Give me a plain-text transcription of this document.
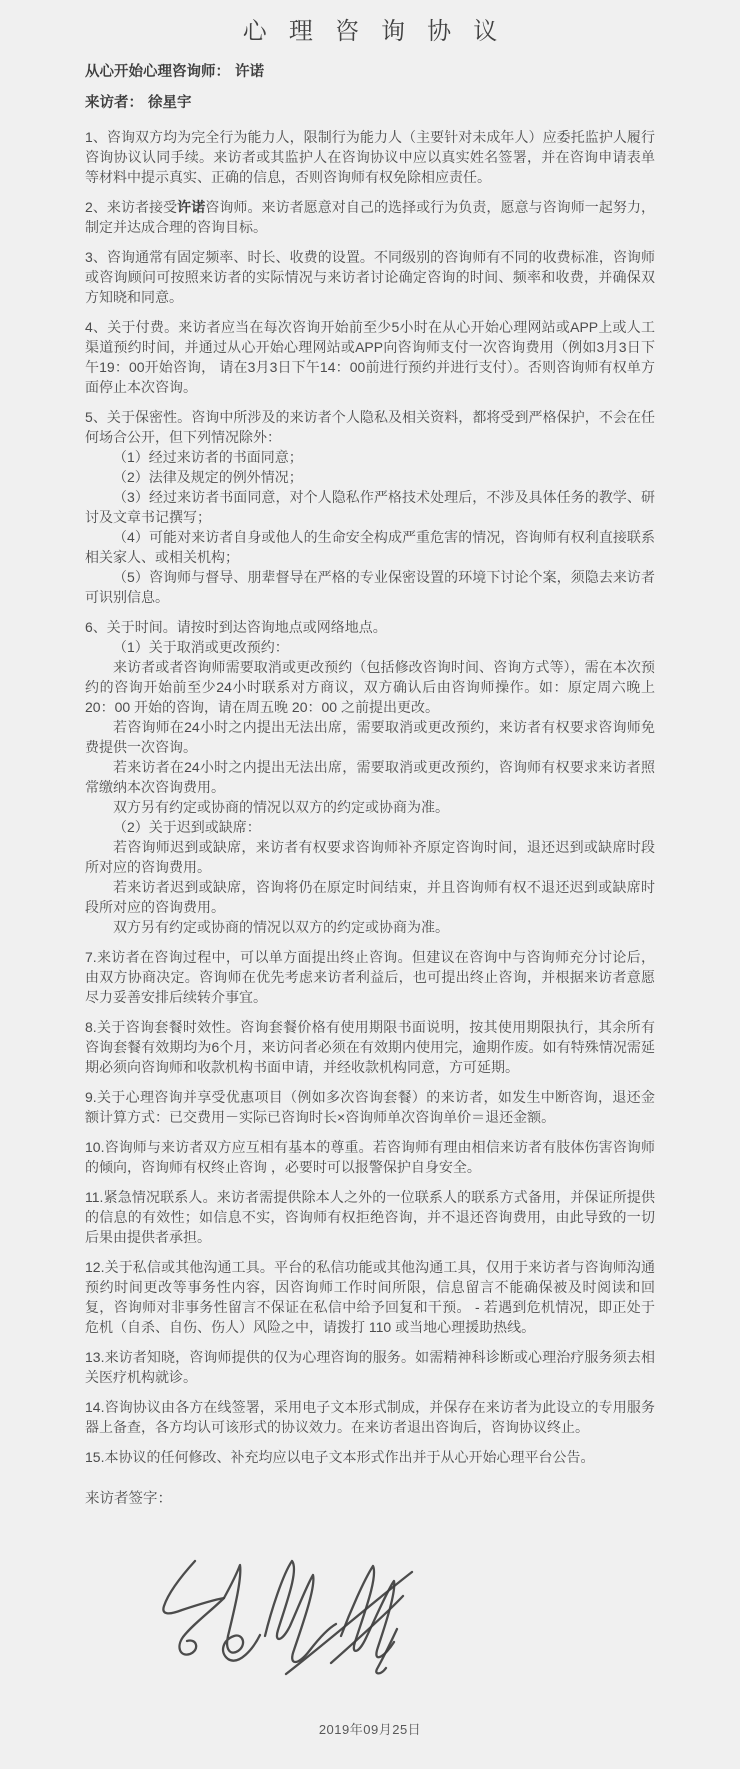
心理咨询协议
从心开始心理咨询师： 许诺
来访者： 徐星宇
1、咨询双方均为完全行为能力人，限制行为能力人（主要针对未成年人）应委托监护人履行咨询协议认同手续。来访者或其监护人在咨询协议中应以真实姓名签署，并在咨询申请表单等材料中提示真实、正确的信息，否则咨询师有权免除相应责任。
2、来访者接受许诺咨询师。来访者愿意对自己的选择或行为负责，愿意与咨询师一起努力，制定并达成合理的咨询目标。
3、咨询通常有固定频率、时长、收费的设置。不同级别的咨询师有不同的收费标准，咨询师或咨询顾问可按照来访者的实际情况与来访者讨论确定咨询的时间、频率和收费，并确保双方知晓和同意。
4、关于付费。来访者应当在每次咨询开始前至少5小时在从心开始心理网站或APP上或人工渠道预约时间，并通过从心开始心理网站或APP向咨询师支付一次咨询费用（例如3月3日下午19：00开始咨询， 请在3月3日下午14：00前进行预约并进行支付）。否则咨询师有权单方面停止本次咨询。
5、关于保密性。咨询中所涉及的来访者个人隐私及相关资料，都将受到严格保护，不会在任何场合公开，但下列情况除外：
（1）经过来访者的书面同意；
（2）法律及规定的例外情况；
（3）经过来访者书面同意，对个人隐私作严格技术处理后，不涉及具体任务的教学、研讨及文章书记撰写；
（4）可能对来访者自身或他人的生命安全构成严重危害的情况，咨询师有权利直接联系相关家人、或相关机构；
（5）咨询师与督导、朋辈督导在严格的专业保密设置的环境下讨论个案，须隐去来访者可识别信息。
6、关于时间。请按时到达咨询地点或网络地点。
（1）关于取消或更改预约：
来访者或者咨询师需要取消或更改预约（包括修改咨询时间、咨询方式等），需在本次预约的咨询开始前至少24小时联系对方商议，双方确认后由咨询师操作。如：原定周六晚上 20：00 开始的咨询，请在周五晚 20：00 之前提出更改。
若咨询师在24小时之内提出无法出席，需要取消或更改预约，来访者有权要求咨询师免费提供一次咨询。
若来访者在24小时之内提出无法出席，需要取消或更改预约，咨询师有权要求来访者照常缴纳本次咨询费用。
双方另有约定或协商的情况以双方的约定或协商为准。
（2）关于迟到或缺席：
若咨询师迟到或缺席，来访者有权要求咨询师补齐原定咨询时间，退还迟到或缺席时段所对应的咨询费用。
若来访者迟到或缺席，咨询将仍在原定时间结束，并且咨询师有权不退还迟到或缺席时段所对应的咨询费用。
双方另有约定或协商的情况以双方的约定或协商为准。
7.来访者在咨询过程中，可以单方面提出终止咨询。但建议在咨询中与咨询师充分讨论后，由双方协商决定。咨询师在优先考虑来访者利益后，也可提出终止咨询，并根据来访者意愿尽力妥善安排后续转介事宜。
8.关于咨询套餐时效性。咨询套餐价格有使用期限书面说明，按其使用期限执行，其余所有咨询套餐有效期均为6个月，来访问者必须在有效期内使用完，逾期作废。如有特殊情况需延期必须向咨询师和收款机构书面申请，并经收款机构同意，方可延期。
9.关于心理咨询并享受优惠项目（例如多次咨询套餐）的来访者，如发生中断咨询，退还金额计算方式：已交费用－实际已咨询时长×咨询师单次咨询单价＝退还金额。
10.咨询师与来访者双方应互相有基本的尊重。若咨询师有理由相信来访者有肢体伤害咨询师的倾向，咨询师有权终止咨询 ，必要时可以报警保护自身安全。
11.紧急情况联系人。来访者需提供除本人之外的一位联系人的联系方式备用，并保证所提供的信息的有效性；如信息不实，咨询师有权拒绝咨询，并不退还咨询费用，由此导致的一切后果由提供者承担。
12.关于私信或其他沟通工具。平台的私信功能或其他沟通工具，仅用于来访者与咨询师沟通预约时间更改等事务性内容，因咨询师工作时间所限，信息留言不能确保被及时阅读和回复，咨询师对非事务性留言不保证在私信中给予回复和干预。 - 若遇到危机情况，即正处于危机（自杀、自伤、伤人）风险之中，请拨打 110 或当地心理援助热线。
13.来访者知晓，咨询师提供的仅为心理咨询的服务。如需精神科诊断或心理治疗服务须去相关医疗机构就诊。
14.咨询协议由各方在线签署，采用电子文本形式制成，并保存在来访者为此设立的专用服务器上备查，各方均认可该形式的协议效力。在来访者退出咨询后，咨询协议终止。
15.本协议的任何修改、补充均应以电子文本形式作出并于从心开始心理平台公告。
来访者签字：
2019年09月25日
